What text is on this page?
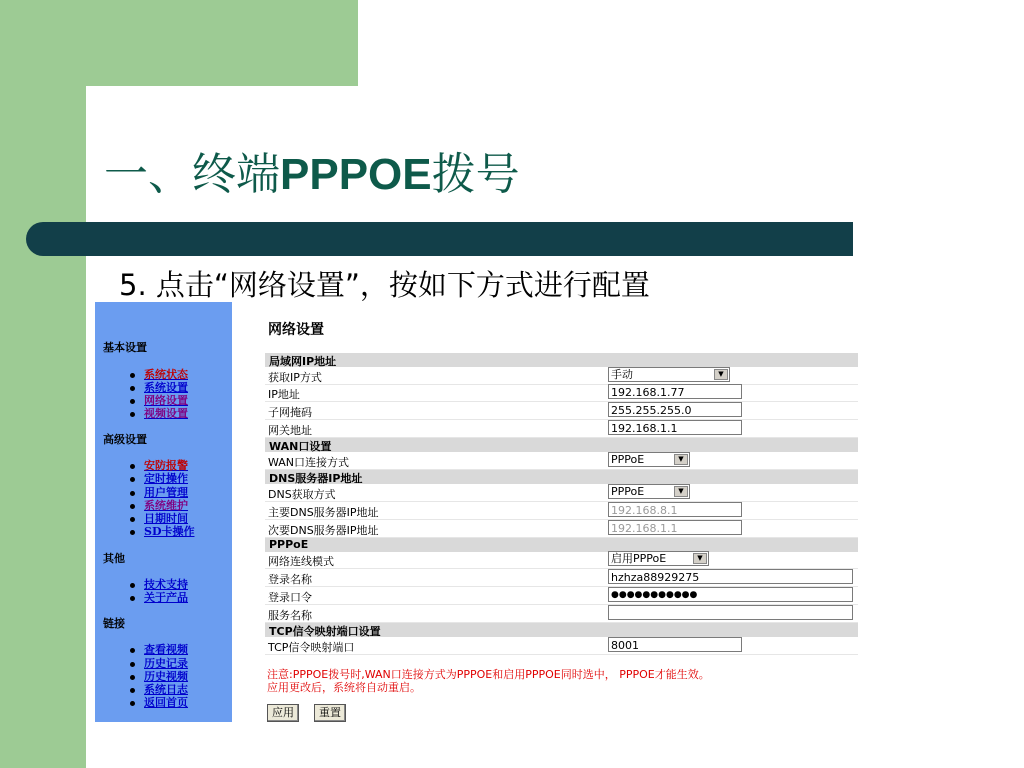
一、终端PPPOE拨号
5. 点击“网络设置”，按如下方式进行配置
基本设置
系统状态
系统设置
网络设置
视频设置
高级设置
安防报警
定时操作
用户管理
系统维护
日期时间
SD卡操作
其他
技术支持
关于产品
链接
查看视频
历史记录
历史视频
系统日志
返回首页
网络设置
局域网IP地址
获取IP方式	手动	▼
IP地址	192.168.1.77
子网掩码	255.255.255.0
网关地址	192.168.1.1
WAN口设置
WAN口连接方式	PPPoE	▼
DNS服务器IP地址
DNS获取方式	PPPoE	▼
主要DNS服务器IP地址	192.168.8.1
次要DNS服务器IP地址	192.168.1.1
PPPoE
网络连线模式	启用PPPoE	▼
登录名称	hzhza88929275
登录口令	●●●●●●●●●●●
服务名称
TCP信令映射端口设置
TCP信令映射端口	8001
注意:PPPOE拨号时,WAN口连接方式为PPPOE和启用PPPOE同时选中， PPPOE才能生效。
应用更改后，系统将自动重启。
应用	重置
